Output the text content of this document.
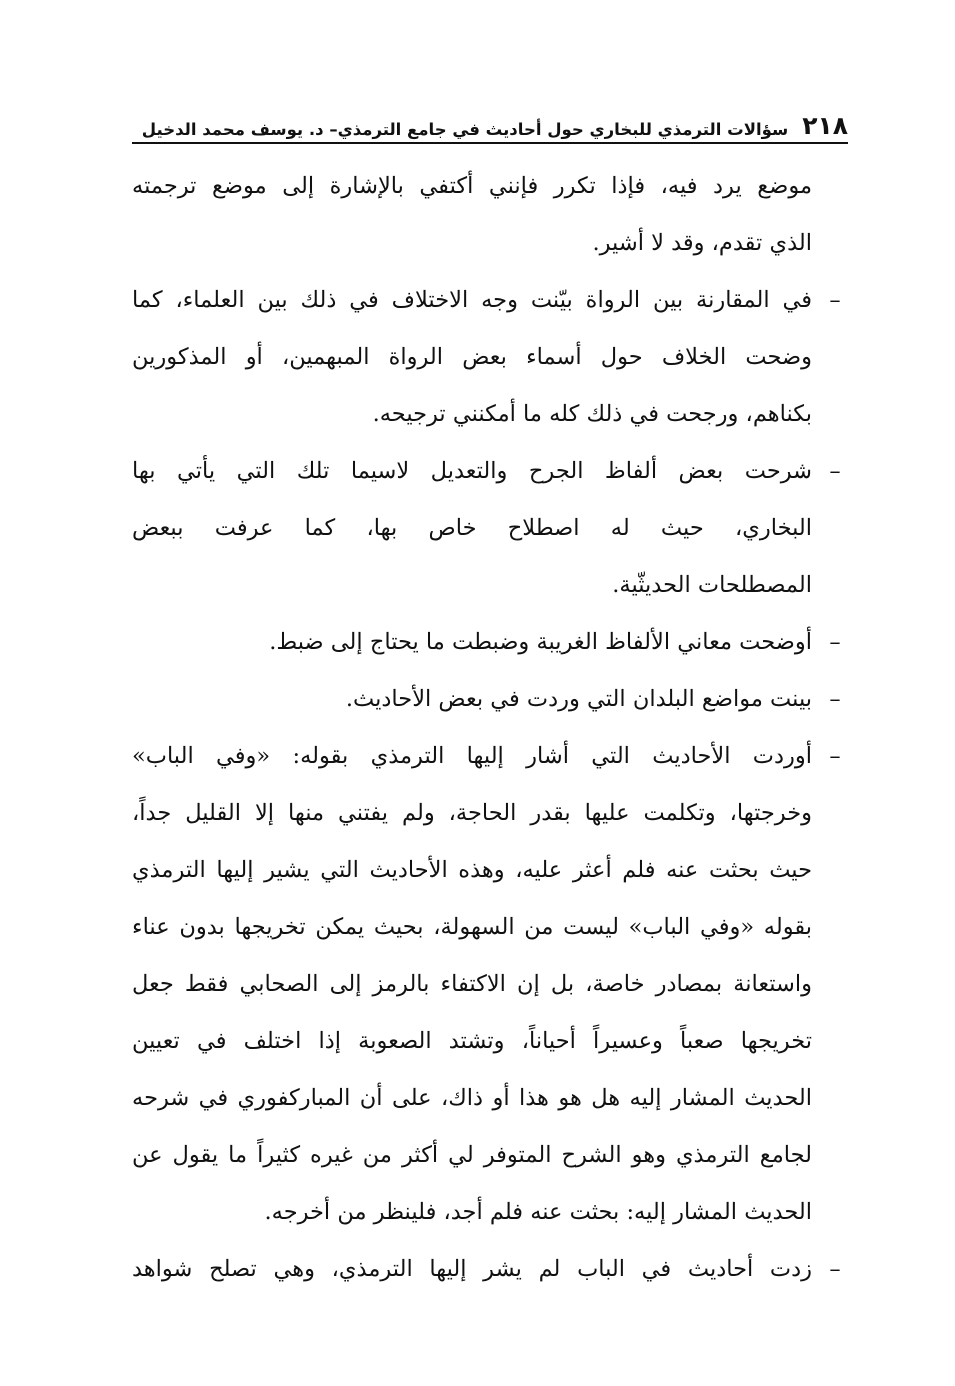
٢١٨
سؤالات الترمذي للبخاري حول أحاديث في جامع الترمذي– د. يوسف محمد الدخيل

موضع يرد فيه، فإذا تكرر فإنني أكتفي بالإشارة إلى موضع ترجمته
الذي تقدم، وقد لا أشير.

–
في المقارنة بين الرواة بيّنت وجه الاختلاف في ذلك بين العلماء، كما
وضحت الخلاف حول أسماء بعض الرواة المبهمين، أو المذكورين
بكناهم، ورجحت في ذلك كله ما أمكنني ترجيحه.

–
شرحت بعض ألفاظ الجرح والتعديل لاسيما تلك التي يأتي بها
البخاري، حيث له اصطلاح خاص بها، كما عرفت ببعض
المصطلحات الحديثّية.

–
أوضحت معاني الألفاظ الغريبة وضبطت ما يحتاج إلى ضبط.

–
بينت مواضع البلدان التي وردت في بعض الأحاديث.

–
أوردت الأحاديث التي أشار إليها الترمذي بقوله: «وفي الباب»
وخرجتها، وتكلمت عليها بقدر الحاجة، ولم يفتني منها إلا القليل جداً،
حيث بحثت عنه فلم أعثر عليه، وهذه الأحاديث التي يشير إليها الترمذي
بقوله «وفي الباب» ليست من السهولة، بحيث يمكن تخريجها بدون عناء
واستعانة بمصادر خاصة، بل إن الاكتفاء بالرمز إلى الصحابي فقط جعل
تخريجها صعباً وعسيراً أحياناً، وتشتد الصعوبة إذا اختلف في تعيين
الحديث المشار إليه هل هو هذا أو ذاك، على أن المباركفوري في شرحه
لجامع الترمذي وهو الشرح المتوفر لي أكثر من غيره كثيراً ما يقول عن
الحديث المشار إليه: بحثت عنه فلم أجد، فلينظر من أخرجه.

–
زدت أحاديث في الباب لم يشر إليها الترمذي، وهي تصلح شواهد
